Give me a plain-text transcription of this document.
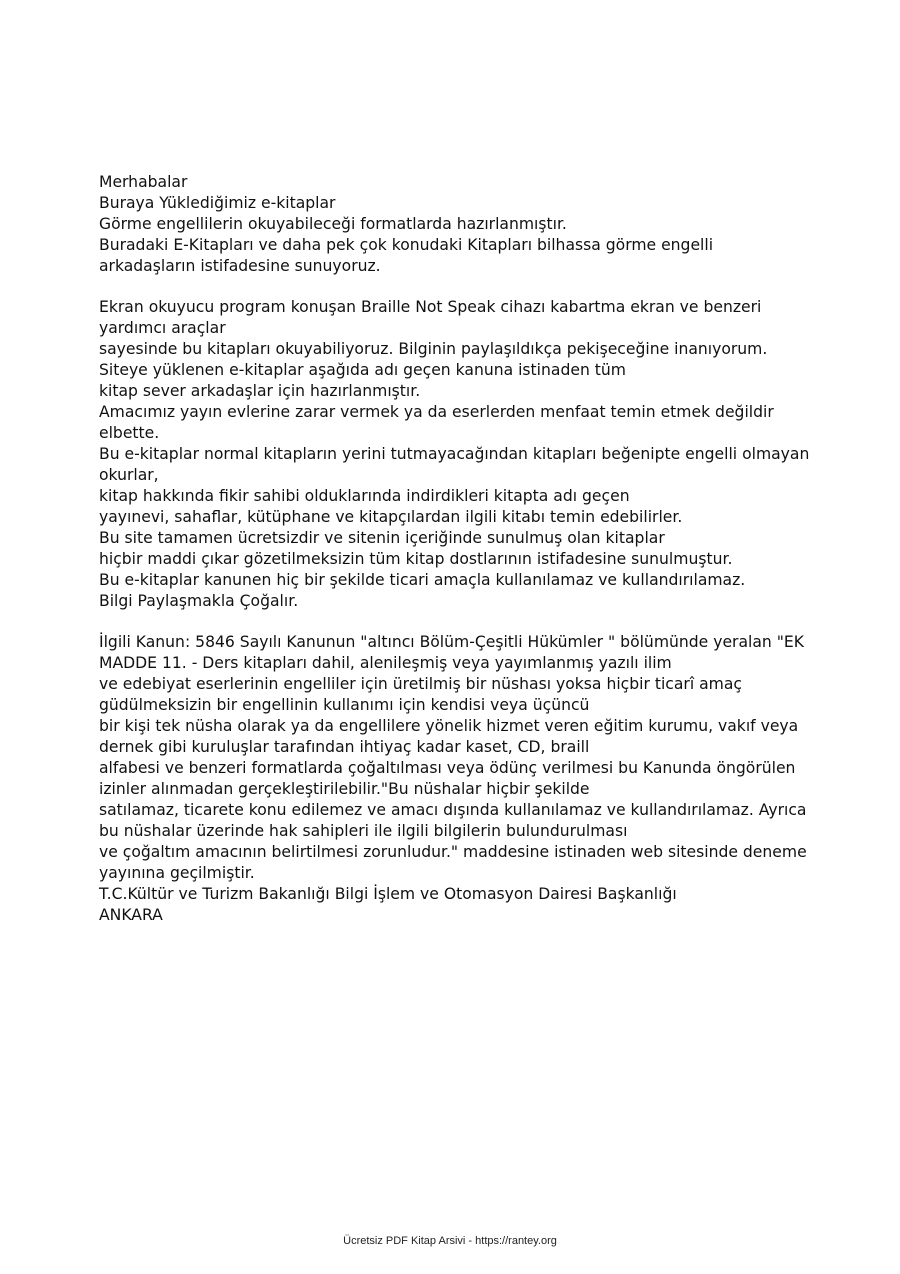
Merhabalar
Buraya Yüklediğimiz e-kitaplar
Görme engellilerin okuyabileceği formatlarda hazırlanmıştır.
Buradaki E-Kitapları ve daha pek çok konudaki Kitapları bilhassa görme engelli
arkadaşların istifadesine sunuyoruz.
Ekran okuyucu program konuşan Braille Not Speak cihazı kabartma ekran ve benzeri
yardımcı araçlar
sayesinde bu kitapları okuyabiliyoruz. Bilginin paylaşıldıkça pekişeceğine inanıyorum.
Siteye yüklenen e-kitaplar aşağıda adı geçen kanuna istinaden tüm
kitap sever arkadaşlar için hazırlanmıştır.
Amacımız yayın evlerine zarar vermek ya da eserlerden menfaat temin etmek değildir
elbette.
Bu e-kitaplar normal kitapların yerini tutmayacağından kitapları beğenipte engelli olmayan
okurlar,
kitap hakkında fikir sahibi olduklarında indirdikleri kitapta adı geçen
yayınevi, sahaflar, kütüphane ve kitapçılardan ilgili kitabı temin edebilirler.
Bu site tamamen ücretsizdir ve sitenin içeriğinde sunulmuş olan kitaplar
hiçbir maddi çıkar gözetilmeksizin tüm kitap dostlarının istifadesine sunulmuştur.
Bu e-kitaplar kanunen hiç bir şekilde ticari amaçla kullanılamaz ve kullandırılamaz.
Bilgi Paylaşmakla Çoğalır.
İlgili Kanun: 5846 Sayılı Kanunun "altıncı Bölüm-Çeşitli Hükümler " bölümünde yeralan "EK
MADDE 11. - Ders kitapları dahil, alenileşmiş veya yayımlanmış yazılı ilim
ve edebiyat eserlerinin engelliler için üretilmiş bir nüshası yoksa hiçbir ticarî amaç
güdülmeksizin bir engellinin kullanımı için kendisi veya üçüncü
bir kişi tek nüsha olarak ya da engellilere yönelik hizmet veren eğitim kurumu, vakıf veya
dernek gibi kuruluşlar tarafından ihtiyaç kadar kaset, CD, braill
alfabesi ve benzeri formatlarda çoğaltılması veya ödünç verilmesi bu Kanunda öngörülen
izinler alınmadan gerçekleştirilebilir."Bu nüshalar hiçbir şekilde
satılamaz, ticarete konu edilemez ve amacı dışında kullanılamaz ve kullandırılamaz. Ayrıca
bu nüshalar üzerinde hak sahipleri ile ilgili bilgilerin bulundurulması
ve çoğaltım amacının belirtilmesi zorunludur." maddesine istinaden web sitesinde deneme
yayınına geçilmiştir.
T.C.Kültür ve Turizm Bakanlığı Bilgi İşlem ve Otomasyon Dairesi Başkanlığı
ANKARA
Ücretsiz PDF Kitap Arsivi - https://rantey.org
